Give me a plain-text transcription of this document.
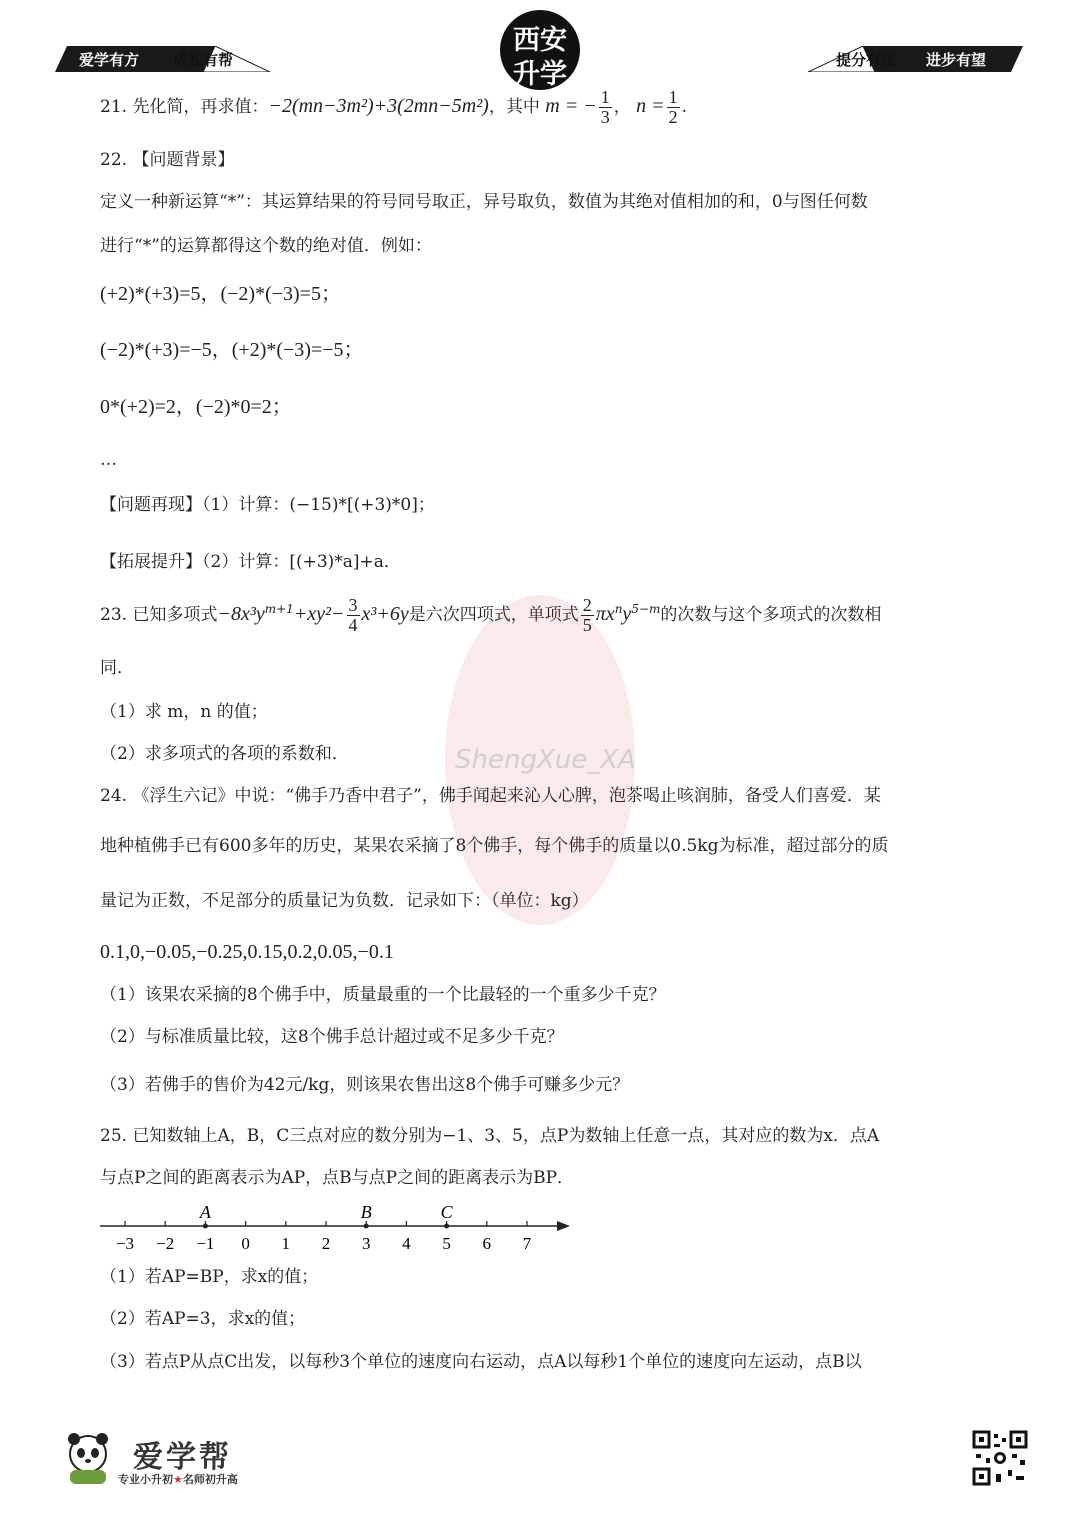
爱学有方 成长有帮
西安
升学	提分有法 进步有望
ShengXue_XA
21. 先化简，再求值：−2(mn−3m²)+3(2mn−5m²)，其中 m = − $\frac{1}{3}$ ， $n = \frac{1}{2}$ .
22. 【问题背景】
定义一种新运算“*”：其运算结果的符号同号取正，异号取负，数值为其绝对值相加的和，0与图任何数
进行“*”的运算都得这个数的绝对值．例如：
(+2)*(+3)=5，(−2)*(−3)=5；
(−2)*(+3)=−5，(+2)*(−3)=−5；
0*(+2)=2，(−2)*0=2；
…
【问题再现】（1）计算：(−15)*[(+3)*0]；
【拓展提升】（2）计算：[(+3)*a]+a．
23. 已知多项式$-8x^3y^{m+1}+xy^2- \frac{3}{4} x^3+6y$是六次四项式，单项式 $\frac{2}{5} \pi x^ny^{5-m}$的次数与这个多项式的次数相
同．
（1）求 m，n 的值；
（2）求多项式的各项的系数和．
24. 《浮生六记》中说：“佛手乃香中君子”，佛手闻起来沁人心脾，泡茶喝止咳润肺，备受人们喜爱．某
地种植佛手已有600多年的历史，某果农采摘了8个佛手，每个佛手的质量以0.5kg为标准，超过部分的质
量记为正数，不足部分的质量记为负数．记录如下：（单位：kg）
0.1,0,−0.05,−0.25,0.15,0.2,0.05,−0.1
（1）该果农采摘的8个佛手中，质量最重的一个比最轻的一个重多少千克？
（2）与标准质量比较，这8个佛手总计超过或不足多少千克？
（3）若佛手的售价为42元/kg，则该果农售出这8个佛手可赚多少元？
25. 已知数轴上A，B，C三点对应的数分别为−1、3、5，点P为数轴上任意一点，其对应的数为x．点A
与点P之间的距离表示为AP，点B与点P之间的距离表示为BP．
−3 −2 −1 0 1 2 3 4 5 6 7
A	B	C
（1）若AP=BP，求x的值；
（2）若AP=3，求x的值；
（3）若点P从点C出发，以每秒3个单位的速度向右运动，点A以每秒1个单位的速度向左运动，点B以
爱学帮
专业小升初★名师初升高
